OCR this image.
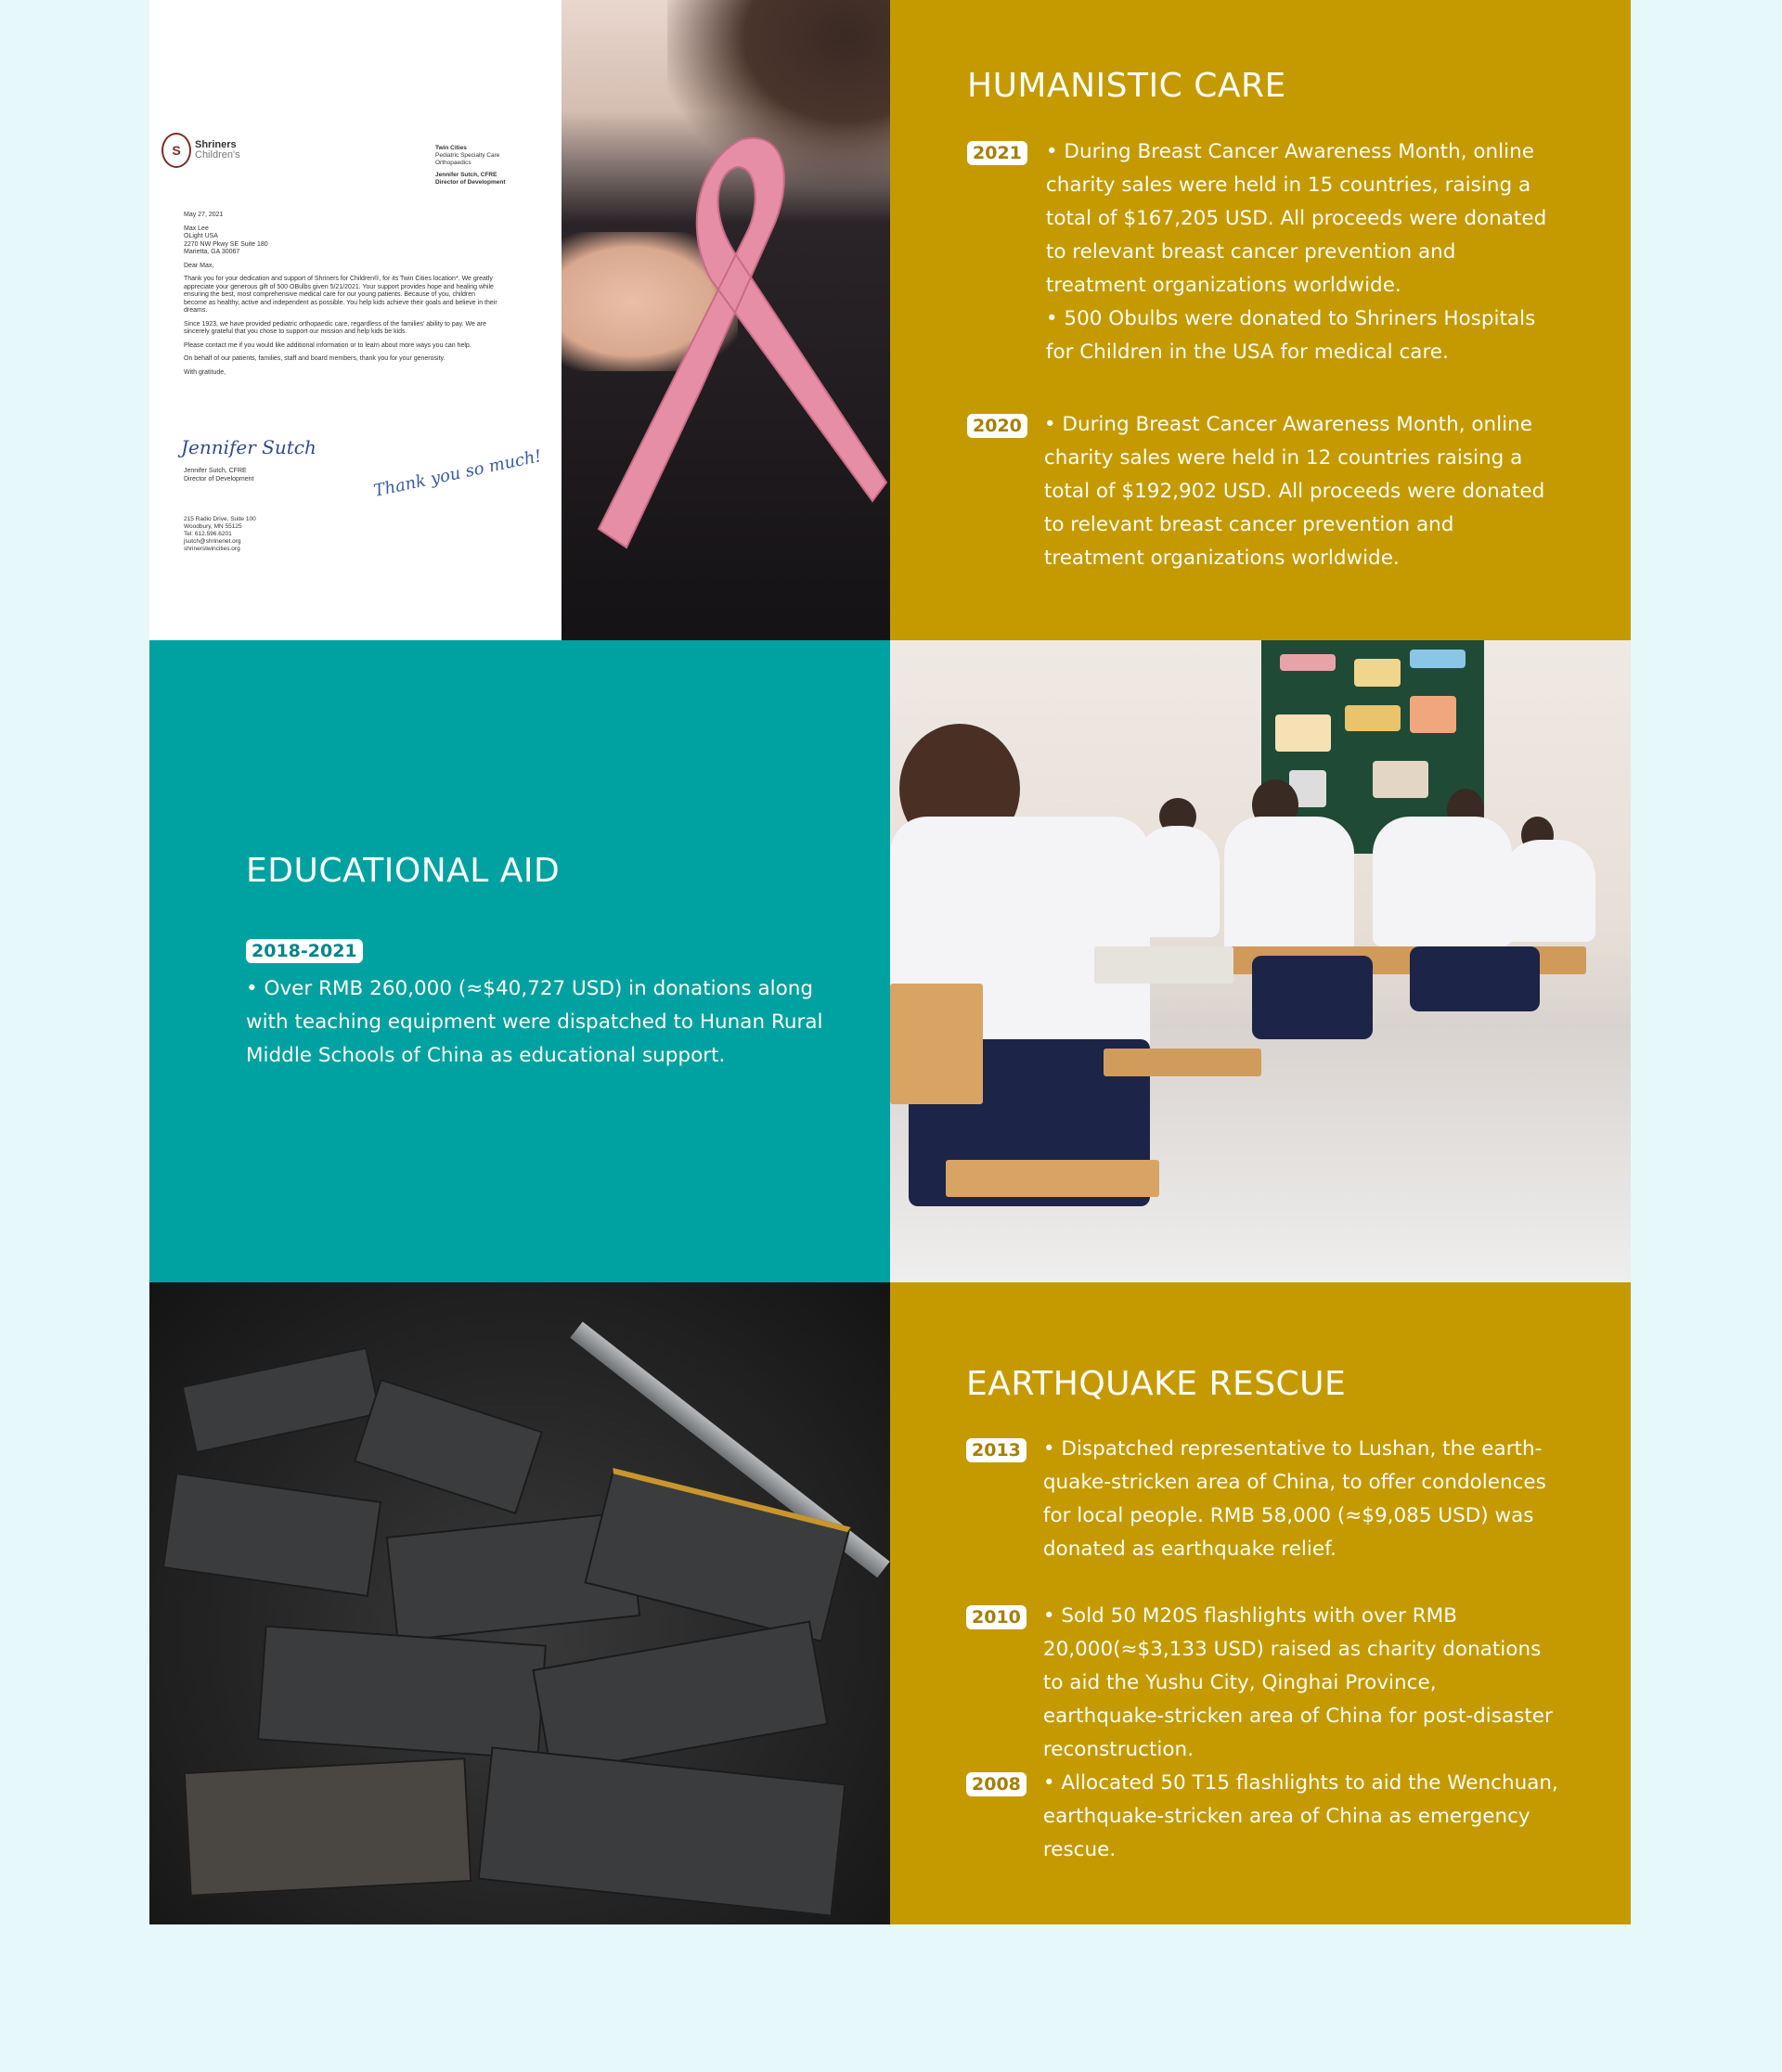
S	Shriners
Children's
Twin Cities
Pediatric Specialty Care
Orthopaedics
Jennifer Sutch, CFRE
Director of Development

May 27, 2021

Max Lee
OLight USA
2270 NW Pkwy SE Suite 180
Marietta, GA 30067

Dear Max,

Thank you for your dedication and support of Shriners for Children®, for its Twin Cities location*. We greatly appreciate your generous gift of 500 OBulbs given 5/21/2021. Your support provides hope and healing while ensuring the best, most comprehensive medical care for our young patients. Because of you, children become as healthy, active and independent as possible. You help kids achieve their goals and believe in their dreams.

Since 1923, we have provided pediatric orthopaedic care, regardless of the families' ability to pay. We are sincerely grateful that you chose to support our mission and help kids be kids.

Please contact me if you would like additional information or to learn about more ways you can help.

On behalf of our patients, families, staff and board members, thank you for your generosity.

With gratitude,

Jennifer Sutch
Jennifer Sutch, CFRE
Director of Development	Thank you so much!
215 Radio Drive, Suite 100
Woodbury, MN 55125
Tel: 612.596.6201
jsutch@shrinenet.org
shrinerstwincities.org
HUMANISTIC CARE
2021 • During Breast Cancer Awareness Month, online charity sales were held in 15 countries, raising a total of $167,205 USD. All proceeds were donated to relevant breast cancer prevention and treatment organizations worldwide.

• 500 Obulbs were donated to Shriners Hospitals for Children in the USA for medical care.

2020 • During Breast Cancer Awareness Month, online charity sales were held in 12 countries raising a total of $192,902 USD. All proceeds were donated to relevant breast cancer prevention and treatment organizations worldwide.

EDUCATIONAL AID
2018-2021

• Over RMB 260,000 (≈$40,727 USD) in donations along with teaching equipment were dispatched to Hunan Rural Middle Schools of China as educational support.

EARTHQUAKE RESCUE
2013 • Dispatched representative to Lushan, the earth-quake-stricken area of China, to offer condolences for local people. RMB 58,000 (≈$9,085 USD) was donated as earthquake relief.

2010 • Sold 50 M20S flashlights with over RMB 20,000(≈$3,133 USD) raised as charity donations to aid the Yushu City, Qinghai Province, earthquake-stricken area of China for post-disaster reconstruction.

2008 • Allocated 50 T15 flashlights to aid the Wenchuan, earthquake-stricken area of China as emergency rescue.
